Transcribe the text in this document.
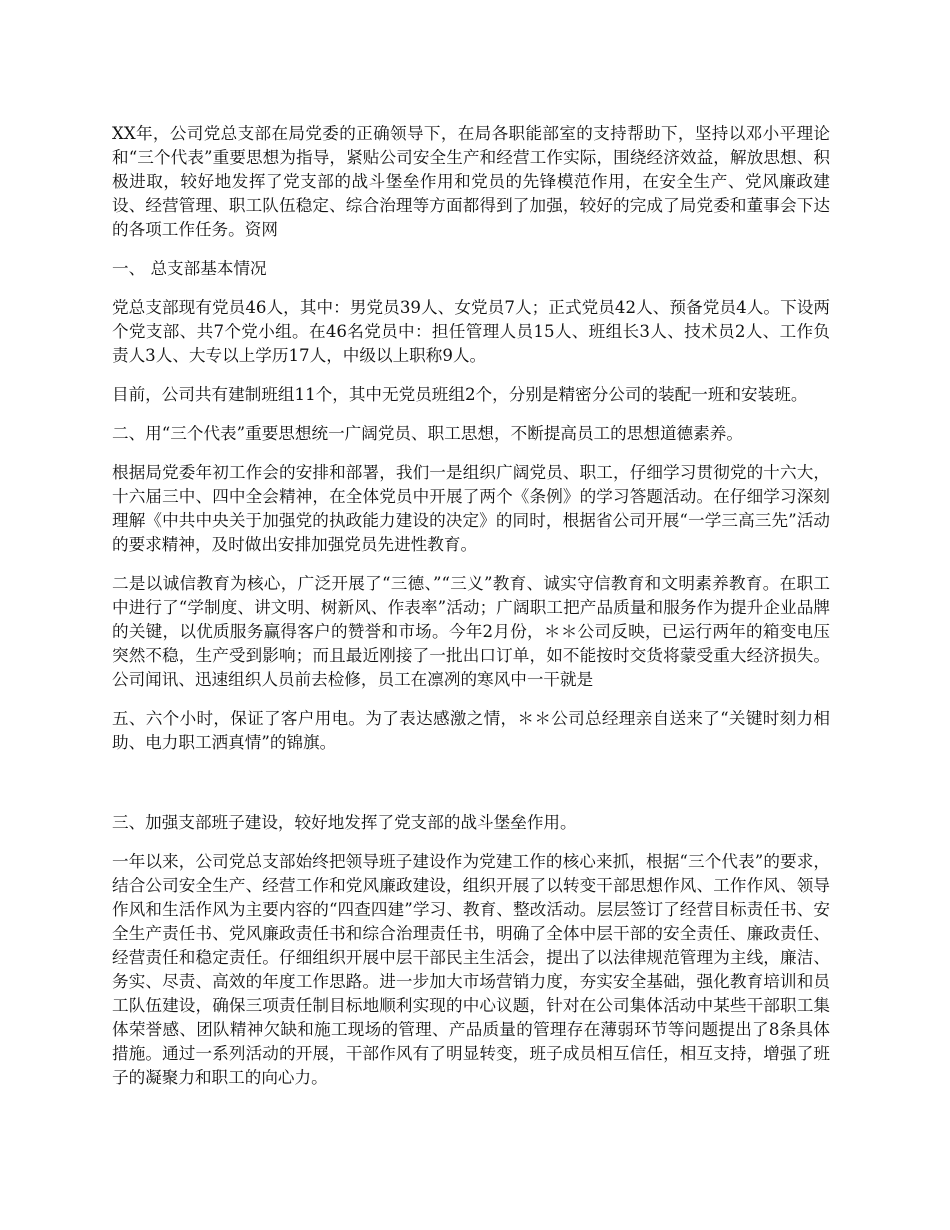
XX年，公司党总支部在局党委的正确领导下，在局各职能部室的支持帮助下，坚持以邓小平理论和“三个代表”重要思想为指导，紧贴公司安全生产和经营工作实际，围绕经济效益，解放思想、积极进取，较好地发挥了党支部的战斗堡垒作用和党员的先锋模范作用，在安全生产、党风廉政建设、经营管理、职工队伍稳定、综合治理等方面都得到了加强，较好的完成了局党委和董事会下达的各项工作任务。资网

一、 总支部基本情况

党总支部现有党员46人，其中：男党员39人、女党员7人；正式党员42人、预备党员4人。下设两个党支部、共7个党小组。在46名党员中：担任管理人员15人、班组长3人、技术员2人、工作负责人3人、大专以上学历17人，中级以上职称9人。

目前，公司共有建制班组11个，其中无党员班组2个，分别是精密分公司的装配一班和安装班。

二、用“三个代表”重要思想统一广阔党员、职工思想，不断提高员工的思想道德素养。

根据局党委年初工作会的安排和部署，我们一是组织广阔党员、职工，仔细学习贯彻党的十六大，十六届三中、四中全会精神，在全体党员中开展了两个《条例》的学习答题活动。在仔细学习深刻理解《中共中央关于加强党的执政能力建设的决定》的同时，根据省公司开展“一学三高三先”活动的要求精神，及时做出安排加强党员先进性教育。

二是以诚信教育为核心，广泛开展了“三德、”“三义”教育、诚实守信教育和文明素养教育。在职工中进行了“学制度、讲文明、树新风、作表率”活动；广阔职工把产品质量和服务作为提升企业品牌的关键，以优质服务赢得客户的赞誉和市场。今年2月份，＊＊公司反映，已运行两年的箱变电压突然不稳，生产受到影响；而且最近刚接了一批出口订单，如不能按时交货将蒙受重大经济损失。公司闻讯、迅速组织人员前去检修，员工在凛冽的寒风中一干就是

五、六个小时，保证了客户用电。为了表达感激之情，＊＊公司总经理亲自送来了“关键时刻力相助、电力职工洒真情”的锦旗。

三、加强支部班子建设，较好地发挥了党支部的战斗堡垒作用。

一年以来，公司党总支部始终把领导班子建设作为党建工作的核心来抓，根据“三个代表”的要求，结合公司安全生产、经营工作和党风廉政建设，组织开展了以转变干部思想作风、工作作风、领导作风和生活作风为主要内容的“四查四建”学习、教育、整改活动。层层签订了经营目标责任书、安全生产责任书、党风廉政责任书和综合治理责任书，明确了全体中层干部的安全责任、廉政责任、经营责任和稳定责任。仔细组织开展中层干部民主生活会，提出了以法律规范管理为主线，廉洁、务实、尽责、高效的年度工作思路。进一步加大市场营销力度，夯实安全基础，强化教育培训和员工队伍建设，确保三项责任制目标地顺利实现的中心议题，针对在公司集体活动中某些干部职工集体荣誉感、团队精神欠缺和施工现场的管理、产品质量的管理存在薄弱环节等问题提出了8条具体措施。通过一系列活动的开展，干部作风有了明显转变，班子成员相互信任，相互支持，增强了班子的凝聚力和职工的向心力。
